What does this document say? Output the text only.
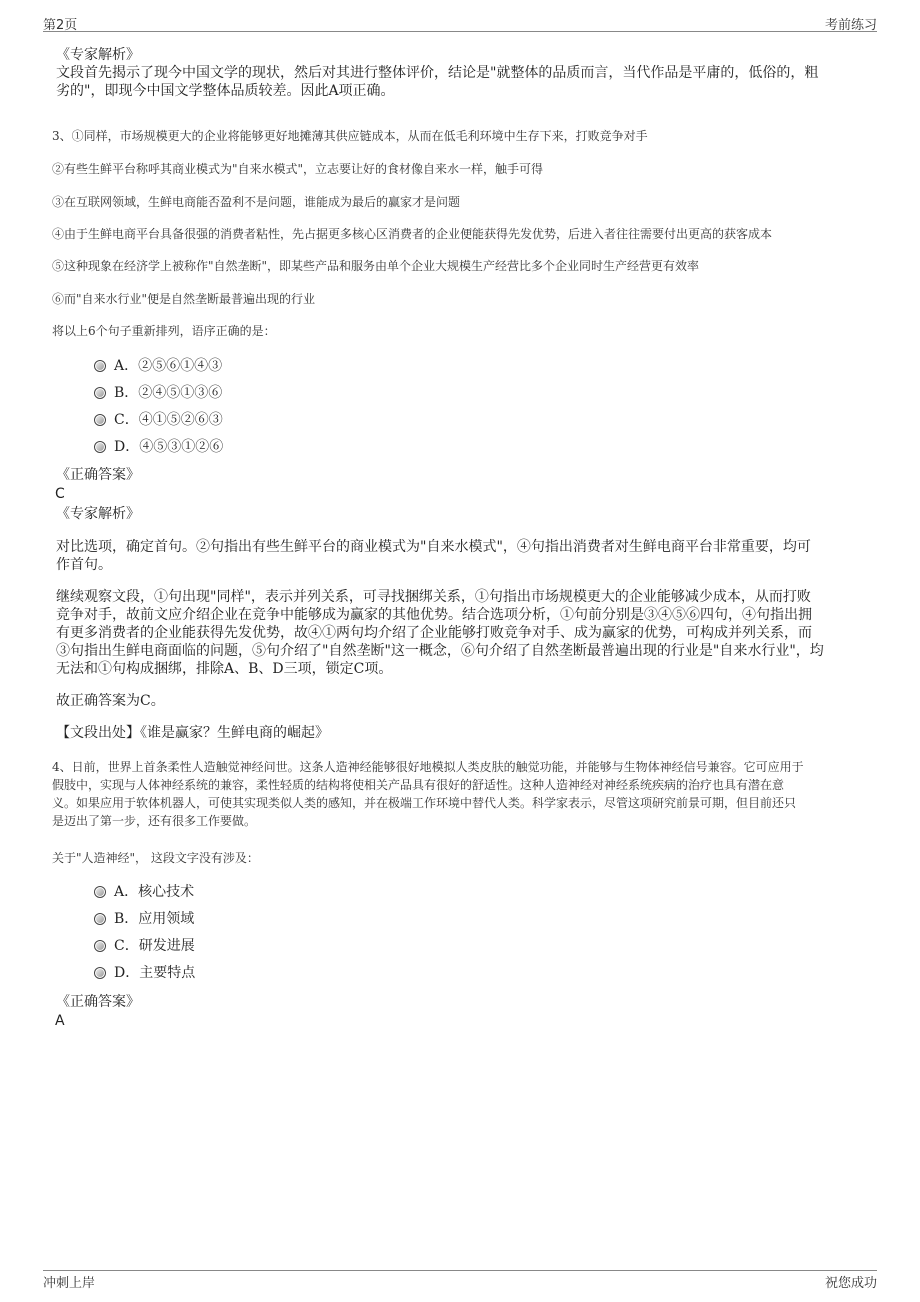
第2页	考前练习
《专家解析》
文段首先揭示了现今中国文学的现状，然后对其进行整体评价，结论是"就整体的品质而言，当代作品是平庸的，低俗的，粗
劣的"，即现今中国文学整体品质较差。因此A项正确。
3、①同样，市场规模更大的企业将能够更好地摊薄其供应链成本，从而在低毛利环境中生存下来，打败竞争对手
②有些生鲜平台称呼其商业模式为"自来水模式"，立志要让好的食材像自来水一样，触手可得
③在互联网领域，生鲜电商能否盈利不是问题，谁能成为最后的赢家才是问题
④由于生鲜电商平台具备很强的消费者粘性，先占据更多核心区消费者的企业便能获得先发优势，后进入者往往需要付出更高的获客成本
⑤这种现象在经济学上被称作"自然垄断"，即某些产品和服务由单个企业大规模生产经营比多个企业同时生产经营更有效率
⑥而"自来水行业"便是自然垄断最普遍出现的行业
将以上6个句子重新排列，语序正确的是：
A．②⑤⑥①④③
B．②④⑤①③⑥
C．④①⑤②⑥③
D．④⑤③①②⑥
《正确答案》
C
《专家解析》
对比选项，确定首句。②句指出有些生鲜平台的商业模式为"自来水模式"，④句指出消费者对生鲜电商平台非常重要，均可
作首句。
继续观察文段，①句出现"同样"，表示并列关系，可寻找捆绑关系，①句指出市场规模更大的企业能够减少成本，从而打败
竞争对手，故前文应介绍企业在竞争中能够成为赢家的其他优势。结合选项分析，①句前分别是③④⑤⑥四句，④句指出拥
有更多消费者的企业能获得先发优势，故④①两句均介绍了企业能够打败竞争对手、成为赢家的优势，可构成并列关系，而
③句指出生鲜电商面临的问题，⑤句介绍了"自然垄断"这一概念，⑥句介绍了自然垄断最普遍出现的行业是"自来水行业"，均
无法和①句构成捆绑，排除A、B、D三项，锁定C项。
故正确答案为C。
【文段出处】《谁是赢家？生鲜电商的崛起》
4、日前，世界上首条柔性人造触觉神经问世。这条人造神经能够很好地模拟人类皮肤的触觉功能，并能够与生物体神经信号兼容。它可应用于
假肢中，实现与人体神经系统的兼容，柔性轻质的结构将使相关产品具有很好的舒适性。这种人造神经对神经系统疾病的治疗也具有潜在意
义。如果应用于软体机器人，可使其实现类似人类的感知，并在极端工作环境中替代人类。科学家表示，尽管这项研究前景可期，但目前还只
是迈出了第一步，还有很多工作要做。
关于"人造神经"， 这段文字没有涉及：
A．核心技术
B．应用领域
C．研发进展
D．主要特点
《正确答案》
A
冲刺上岸	祝您成功
